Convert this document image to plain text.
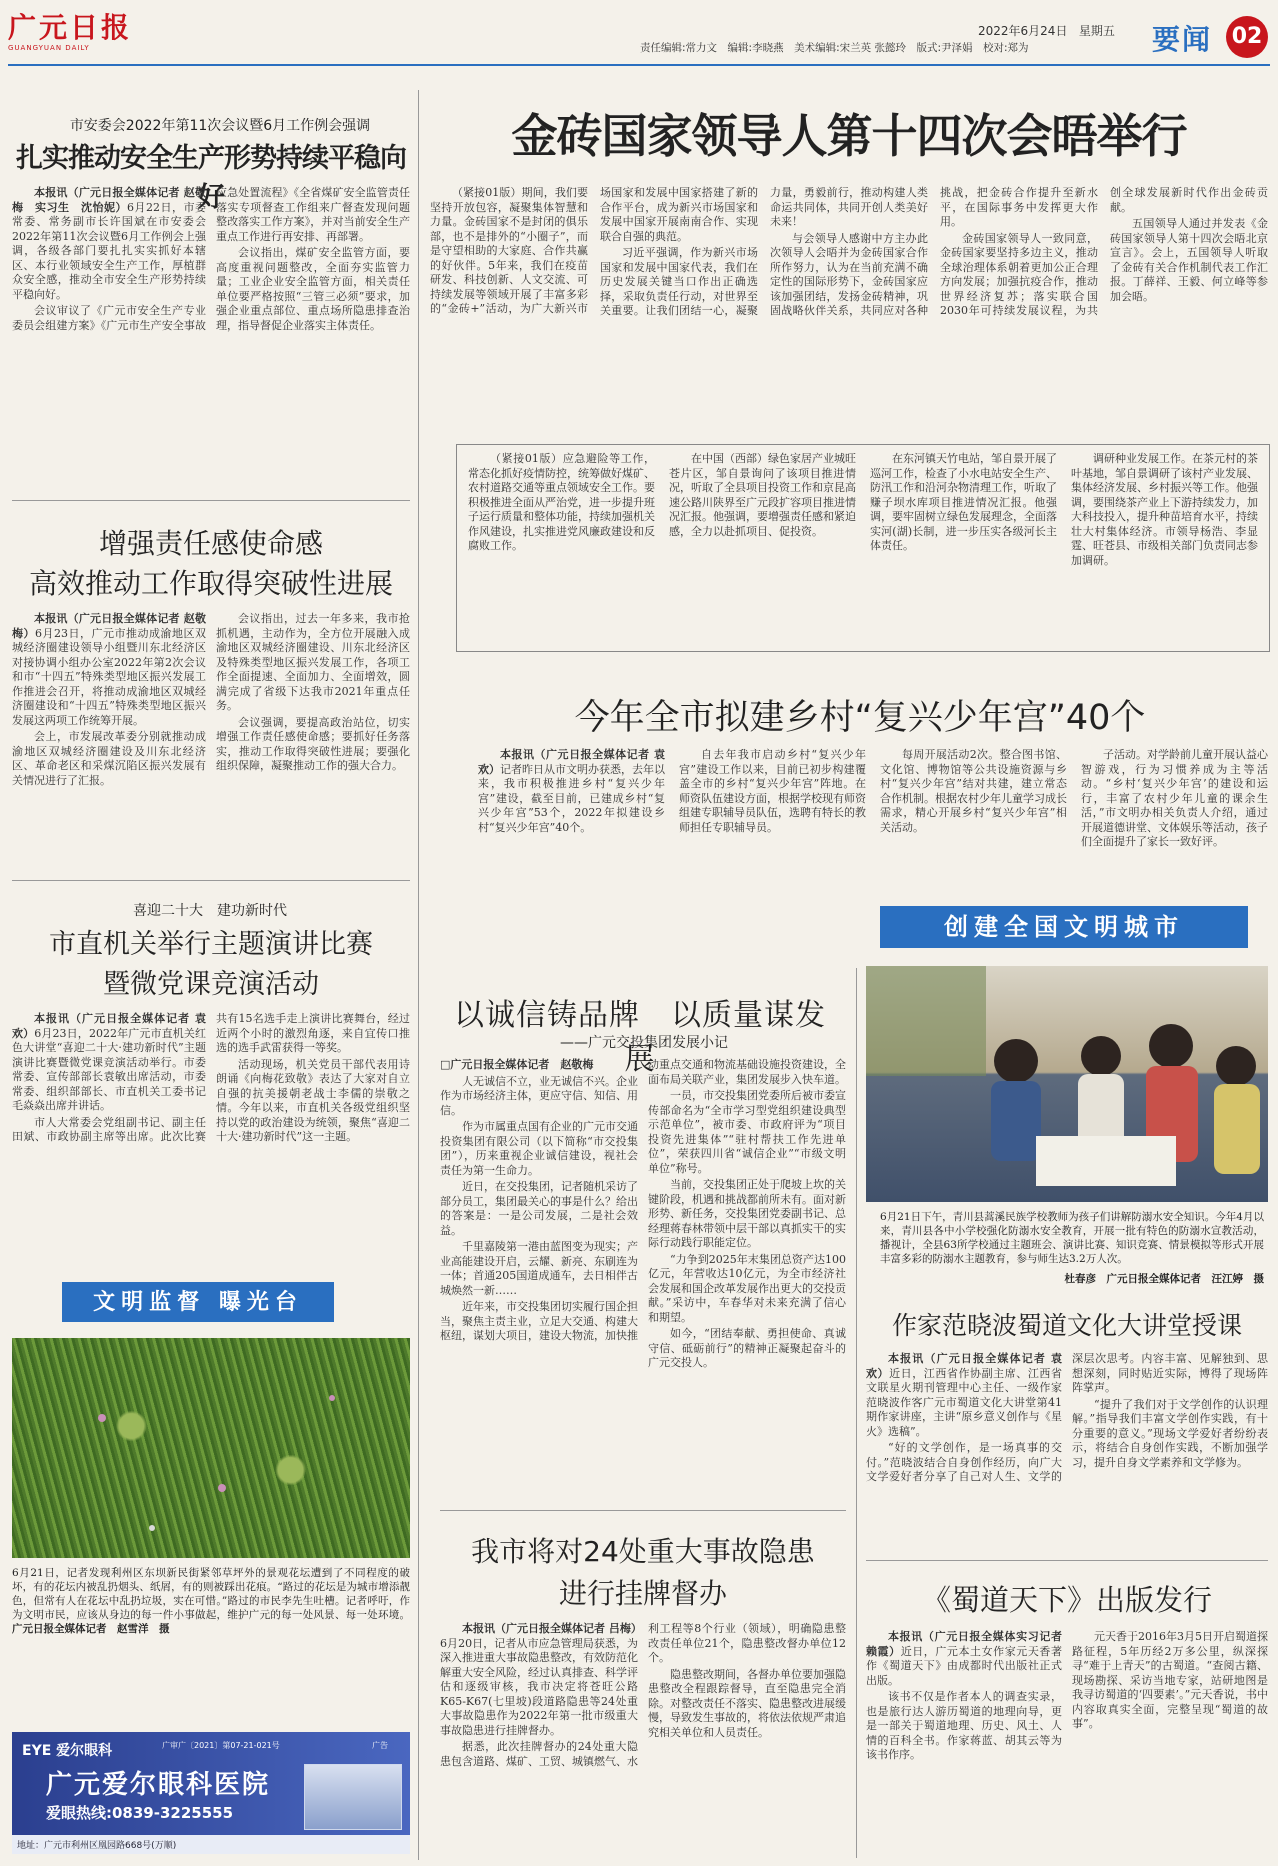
广元日报
GUANGYUAN DAILY
2022年6月24日 星期五
责任编辑:常力文　编辑:李晓燕　美术编辑:宋兰英 张懿玲　版式:尹泽娟　校对:郑为	要闻 02
市安委会2022年第11次会议暨6月工作例会强调
扎实推动安全生产形势持续平稳向好

本报讯（广元日报全媒体记者 赵敬梅　实习生　沈怡妮）6月22日，市委常委、常务副市长许国斌在市安委会2022年第11次会议暨6月工作例会上强调，各级各部门要扎扎实实抓好本辖区、本行业领域安全生产工作，厚植群众安全感，推动全市安全生产形势持续平稳向好。

会议审议了《广元市安全生产专业委员会组建方案》《广元市生产安全事故应急处置流程》《全省煤矿安全监管责任落实专项督查工作组来广督查发现问题整改落实工作方案》，并对当前安全生产重点工作进行再安排、再部署。

会议指出，煤矿安全监管方面，要高度重视问题整改，全面夯实监管力量；工业企业安全监管方面，相关责任单位要严格按照“三管三必须”要求，加强企业重点部位、重点场所隐患排查治理，指导督促企业落实主体责任。

增强责任感使命感
高效推动工作取得突破性进展

本报讯（广元日报全媒体记者 赵敬梅）6月23日，广元市推动成渝地区双城经济圈建设领导小组暨川东北经济区对接协调小组办公室2022年第2次会议和市“十四五”特殊类型地区振兴发展工作推进会召开，将推动成渝地区双城经济圈建设和“十四五”特殊类型地区振兴发展这两项工作统筹开展。

会上，市发展改革委分别就推动成渝地区双城经济圈建设及川东北经济区、革命老区和采煤沉陷区振兴发展有关情况进行了汇报。

会议指出，过去一年多来，我市抢抓机遇，主动作为，全方位开展融入成渝地区双城经济圈建设、川东北经济区及特殊类型地区振兴发展工作，各项工作全面提速、全面加力、全面增效，圆满完成了省级下达我市2021年重点任务。

会议强调，要提高政治站位，切实增强工作责任感使命感；要抓好任务落实，推动工作取得突破性进展；要强化组织保障，凝聚推动工作的强大合力。

喜迎二十大　建功新时代
市直机关举行主题演讲比赛
暨微党课竞演活动

本报讯（广元日报全媒体记者 袁欢）6月23日，2022年广元市直机关红色大讲堂“喜迎二十大·建功新时代”主题演讲比赛暨微党课竞演活动举行。市委常委、宣传部部长袁敏出席活动，市委常委、组织部部长、市直机关工委书记毛焱焱出席并讲话。

市人大常委会党组副书记、副主任田斌、市政协副主席等出席。此次比赛共有15名选手走上演讲比赛舞台，经过近两个小时的激烈角逐，来自宜传口推选的选手武雷获得一等奖。

活动现场，机关党员干部代表用诗朗诵《向梅花致敬》表达了大家对自立自强的抗美援朝老战士李儒的崇敬之情。今年以来，市直机关各级党组织坚持以党的政治建设为统领，聚焦“喜迎二十大·建功新时代”这一主题。

文明监督 曝光台
6月21日，记者发现利州区东坝新民街紧邻草坪外的景观花坛遭到了不同程度的破坏，有的花坛内被乱扔烟头、纸屑，有的则被踩出花痕。“路过的花坛是为城市增添靓色，但常有人在花坛中乱扔垃圾，实在可惜。”路过的市民李先生吐槽。记者呼吁，作为文明市民，应该从身边的每一件小事做起，维护广元的每一处风景、每一处环境。 广元日报全媒体记者　赵雪洋　摄
EYE 爱尔眼科	广审广〔2021〕第07-21-021号	广告
广元爱尔眼科医院
爱眼热线:0839-3225555
地址：广元市利州区凰园路668号(万顺)
金砖国家领导人第十四次会晤举行

（紧接01版）期间，我们要坚持开放包容，凝聚集体智慧和力量。金砖国家不是封闭的俱乐部，也不是排外的“小圈子”，而是守望相助的大家庭、合作共赢的好伙伴。5年来，我们在疫苗研发、科技创新、人文交流、可持续发展等领域开展了丰富多彩的“金砖+”活动，为广大新兴市场国家和发展中国家搭建了新的合作平台，成为新兴市场国家和发展中国家开展南南合作、实现联合自强的典范。

习近平强调，作为新兴市场国家和发展中国家代表，我们在历史发展关键当口作出正确选择，采取负责任行动，对世界至关重要。让我们团结一心，凝聚力量，勇毅前行，推动构建人类命运共同体，共同开创人类美好未来！

与会领导人感谢中方主办此次领导人会晤并为金砖国家合作所作努力，认为在当前充满不确定性的国际形势下，金砖国家应该加强团结，发扬金砖精神，巩固战略伙伴关系，共同应对各种挑战，把金砖合作提升至新水平，在国际事务中发挥更大作用。

金砖国家领导人一致同意，金砖国家要坚持多边主义，推动全球治理体系朝着更加公正合理方向发展；加强抗疫合作，推动世界经济复苏；落实联合国2030年可持续发展议程，为共创全球发展新时代作出金砖贡献。

五国领导人通过并发表《金砖国家领导人第十四次会晤北京宣言》。会上，五国领导人听取了金砖有关合作机制代表工作汇报。丁薛祥、王毅、何立峰等参加会晤。

（紧接01版）应急避险等工作，常态化抓好疫情防控，统筹做好煤矿、农村道路交通等重点领域安全工作。要积极推进全面从严治党，进一步提升班子运行质量和整体功能，持续加强机关作风建设，扎实推进党风廉政建设和反腐败工作。

在中国（西部）绿色家居产业城旺苍片区，邹自景询问了该项目推进情况，听取了全县项目投资工作和京昆高速公路川陕界至广元段扩容项目推进情况汇报。他强调，要增强责任感和紧迫感，全力以赴抓项目、促投资。

在东河镇天竹电站，邹自景开展了巡河工作，检查了小水电站安全生产、防汛工作和沿河杂物清理工作，听取了赚子坝水库项目推进情况汇报。他强调，要牢固树立绿色发展理念，全面落实河(湖)长制，进一步压实各级河长主体责任。

调研种业发展工作。在茶元村的茶叶基地，邹自景调研了该村产业发展、集体经济发展、乡村振兴等工作。他强调，要围绕茶产业上下游持续发力，加大科技投入，提升种苗培育水平，持续壮大村集体经济。市领导杨浩、李显霆、旺苍县、市级相关部门负责同志参加调研。

今年全市拟建乡村“复兴少年宫”40个

本报讯（广元日报全媒体记者 袁欢）记者昨日从市文明办获悉，去年以来，我市积极推进乡村“复兴少年宫”建设，截至目前，已建成乡村“复兴少年宫”53个，2022年拟建设乡村“复兴少年宫”40个。

自去年我市启动乡村“复兴少年宫”建设工作以来，目前已初步构建覆盖全市的乡村“复兴少年宫”阵地。在师资队伍建设方面，根据学校现有师资组建专职辅导员队伍，选聘有特长的教师担任专职辅导员。

每周开展活动2次。整合图书馆、文化馆、博物馆等公共设施资源与乡村“复兴少年宫”结对共建，建立常态合作机制。根据农村少年儿童学习成长需求，精心开展乡村“复兴少年宫”相关活动。

子活动。对学龄前儿童开展认益心智游戏，行为习惯养成为主等活动。“乡村‘复兴少年宫’的建设和运行，丰富了农村少年儿童的课余生活，”市文明办相关负责人介绍，通过开展道德讲堂、文体娱乐等活动，孩子们全面提升了家长一致好评。

创建全国文明城市
以诚信铸品牌　以质量谋发展
——广元交投集团发展小记

□广元日报全媒体记者　赵敬梅

人无诚信不立，业无诚信不兴。企业作为市场经济主体，更应守信、知信、用信。

作为市属重点国有企业的广元市交通投资集团有限公司（以下简称“市交投集团”），历来重视企业诚信建设，视社会责任为第一生命力。

近日，在交投集团，记者随机采访了部分员工，集团最关心的事是什么？给出的答案是：一是公司发展，二是社会效益。

千里嘉陵第一港由蓝图变为现实；产业高能建设开启，云耀、新亮、东刷连为一体；首通205国道成通车，去日相伴古城焕然一新……

近年来，市交投集团切实履行国企担当，聚焦主责主业，立足大交通、构建大枢纽，谋划大项目，建设大物流，加快推动重点交通和物流基础设施投资建设，全面布局关联产业，集团发展步入快车道。

一员，市交投集团党委所后被市委宣传部命名为“全市学习型党组织建设典型示范单位”，被市委、市政府评为“项目投资先进集体”“驻村帮扶工作先进单位”，荣获四川省“诚信企业”“市级文明单位”称号。

当前，交投集团正处于爬坡上坎的关键阶段，机遇和挑战都前所未有。面对新形势、新任务，交投集团党委副书记、总经理蒋春林带领中层干部以真抓实干的实际行动践行职能定位。

“力争到2025年末集团总资产达100亿元，年营收达10亿元，为全市经济社会发展和国企改革发展作出更大的交投贡献。”采访中，车春华对未来充满了信心和期望。

如今，“团结奉献、勇担使命、真诚守信、砥砺前行”的精神正凝聚起奋斗的广元交投人。

我市将对24处重大事故隐患
进行挂牌督办

本报讯（广元日报全媒体记者 吕梅）6月20日，记者从市应急管理局获悉，为深入推进重大事故隐患整改，有效防范化解重大安全风险，经过认真排查、科学评估和逐级审核，我市决定将苍旺公路K65-K67(七里坡)段道路隐患等24处重大事故隐患作为2022年第一批市级重大事故隐患进行挂牌督办。

据悉，此次挂牌督办的24处重大隐患包含道路、煤矿、工贸、城镇燃气、水利工程等8个行业（领域），明确隐患整改责任单位21个，隐患整改督办单位12个。

隐患整改期间，各督办单位要加强隐患整改全程跟踪督导，直至隐患完全消除。对整改责任不落实、隐患整改进展缓慢，导致发生事故的，将依法依规严肃追究相关单位和人员责任。

6月21日下午，青川县蒿溪民族学校教师为孩子们讲解防溺水安全知识。今年4月以来，青川县各中小学校强化防溺水安全教育，开展一批有特色的防溺水宣教活动，播视计，全县63所学校通过主题班会、演讲比赛、知识竞赛、情景模拟等形式开展丰富多彩的防溺水主题教育，参与师生达3.2万人次。
杜春彦　广元日报全媒体记者　汪江婷　摄
作家范晓波蜀道文化大讲堂授课

本报讯（广元日报全媒体记者 袁欢）近日，江西省作协副主席、江西省文联星火期刊管理中心主任、一级作家范晓波作客广元市蜀道文化大讲堂第41期作家讲座，主讲“原乡意义创作与《星火》选稿”。

“好的文学创作，是一场真事的交付。”范晓波结合自身创作经历，向广大文学爱好者分享了自己对人生、文学的深层次思考。内容丰富、见解独到、思想深刻，同时贴近实际，博得了现场阵阵掌声。

“提升了我们对于文学创作的认识理解。”指导我们丰富文学创作实践，有十分重要的意义。”现场文学爱好者纷纷表示，将结合自身创作实践，不断加强学习，提升自身文学素养和文学修为。

《蜀道天下》出版发行

本报讯（广元日报全媒体实习记者 赖霞）近日，广元本土女作家元天香著作《蜀道天下》由成都时代出版社正式出版。

该书不仅是作者本人的调查实录，也是旅行达人游历蜀道的地理向导，更是一部关于蜀道地理、历史、风土、人情的百科全书。作家蒋蓝、胡其云等为该书作序。

元天香于2016年3月5日开启蜀道探路征程，5年历经2万多公里，纵深探寻“难于上青天”的古蜀道。“查阅古籍、现场勘探、采访当地专家，站研地图是我寻访蜀道的‘四要素’。”元天香说，书中内容取真实全面，完整呈现“蜀道的故事”。
